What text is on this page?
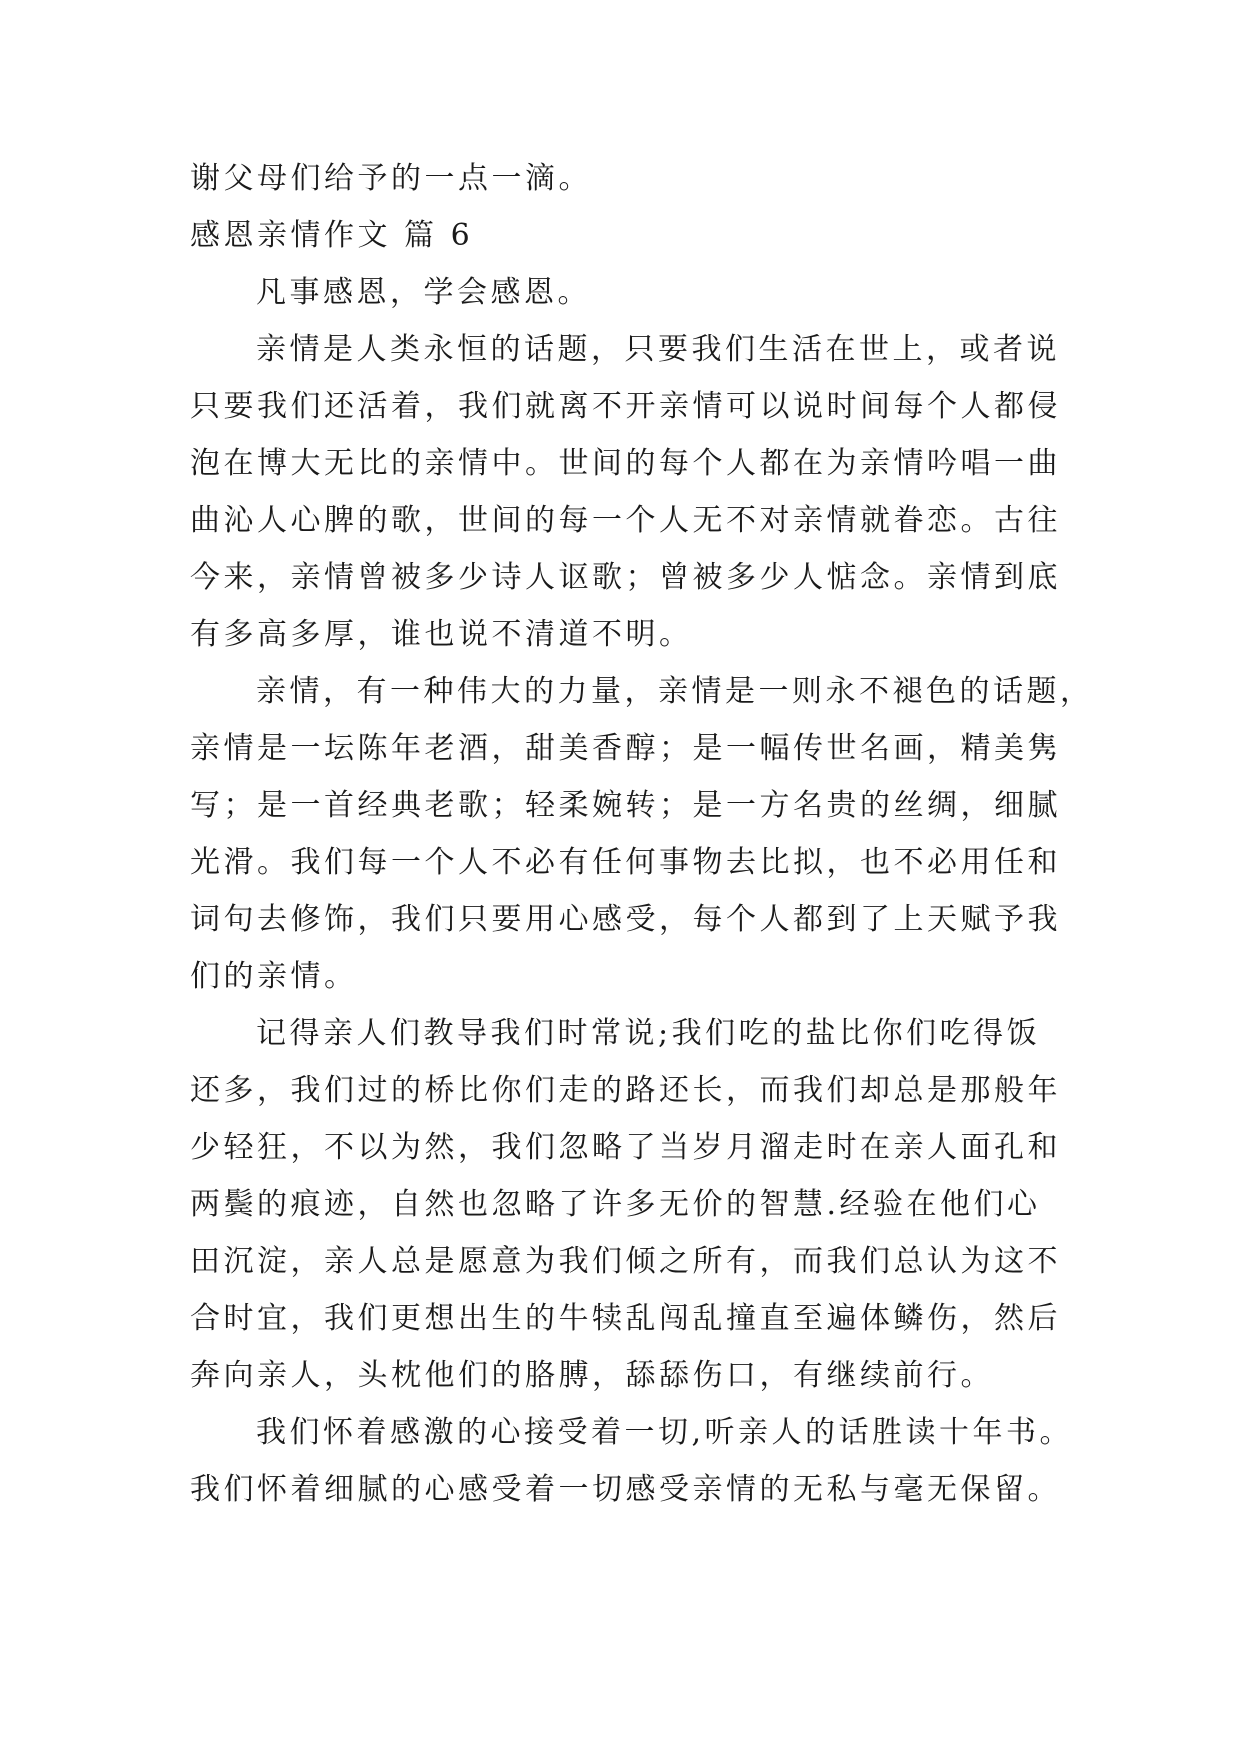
谢父母们给予的一点一滴。
感恩亲情作文 篇 6
凡事感恩，学会感恩。
亲情是人类永恒的话题，只要我们生活在世上，或者说
只要我们还活着，我们就离不开亲情可以说时间每个人都侵
泡在博大无比的亲情中。世间的每个人都在为亲情吟唱一曲
曲沁人心脾的歌，世间的每一个人无不对亲情就眷恋。古往
今来，亲情曾被多少诗人讴歌；曾被多少人惦念。亲情到底
有多高多厚，谁也说不清道不明。
亲情，有一种伟大的力量，亲情是一则永不褪色的话题，
亲情是一坛陈年老酒，甜美香醇；是一幅传世名画，精美隽
写；是一首经典老歌；轻柔婉转；是一方名贵的丝绸，细腻
光滑。我们每一个人不必有任何事物去比拟，也不必用任和
词句去修饰，我们只要用心感受，每个人都到了上天赋予我
们的亲情。
记得亲人们教导我们时常说;我们吃的盐比你们吃得饭
还多，我们过的桥比你们走的路还长，而我们却总是那般年
少轻狂，不以为然，我们忽略了当岁月溜走时在亲人面孔和
两鬓的痕迹，自然也忽略了许多无价的智慧.经验在他们心
田沉淀，亲人总是愿意为我们倾之所有，而我们总认为这不
合时宜，我们更想出生的牛犊乱闯乱撞直至遍体鳞伤，然后
奔向亲人，头枕他们的胳膊，舔舔伤口，有继续前行。
我们怀着感激的心接受着一切,听亲人的话胜读十年书。
我们怀着细腻的心感受着一切感受亲情的无私与毫无保留。
